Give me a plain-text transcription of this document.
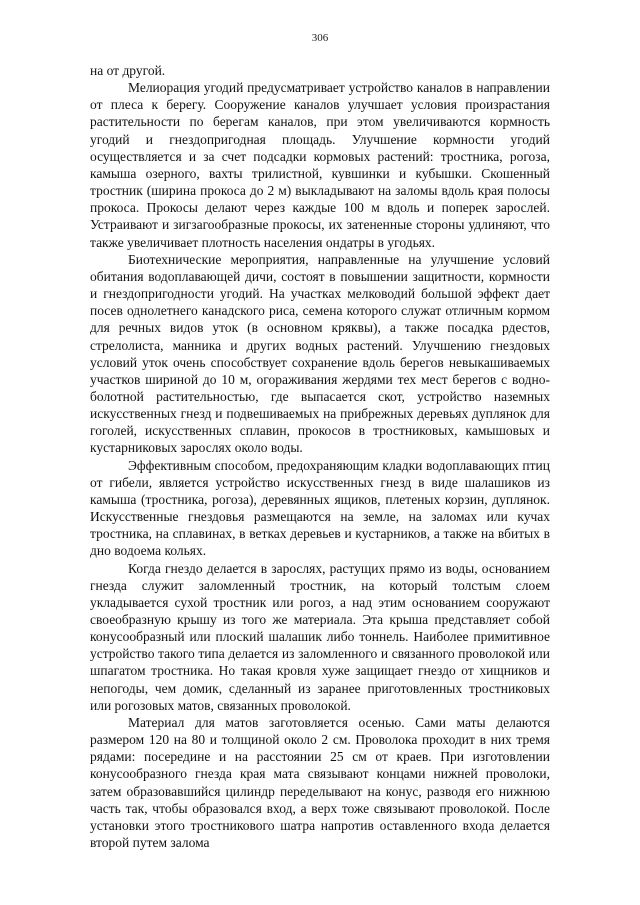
306

на от другой.

Мелиорация угодий предусматривает устройство каналов в направлении от плеса к берегу. Сооружение каналов улучшает условия произрастания растительности по берегам каналов, при этом увеличиваются кормность угодий и гнездопригодная площадь. Улучшение кормности угодий осуществляется и за счет подсадки кормовых растений: тростника, рогоза, камыша озерного, вахты трилистной, кувшинки и кубышки. Скошенный тростник (ширина прокоса до 2 м) выкладывают на заломы вдоль края полосы прокоса. Прокосы делают через каждые 100 м вдоль и поперек зарослей. Устраивают и зигзагообразные прокосы, их затененные стороны удлиняют, что также увеличивает плотность населения ондатры в угодьях.

Биотехнические мероприятия, направленные на улучшение условий обитания водоплавающей дичи, состоят в повышении защитности, кормности и гнездопригодности угодий. На участках мелководий большой эффект дает посев однолетнего канадского риса, семена которого служат отличным кормом для речных видов уток (в основном кряквы), а также посадка рдестов, стрелолиста, манника и других водных растений. Улучшению гнездовых условий уток очень способствует сохранение вдоль берегов невыкашиваемых участков шириной до 10 м, огораживания жердями тех мест берегов с водно-болотной растительностью, где выпасается скот, устройство наземных искусственных гнезд и подвешиваемых на прибрежных деревьях дуплянок для гоголей, искусственных сплавин, прокосов в тростниковых, камышовых и кустарниковых зарослях около воды.

Эффективным способом, предохраняющим кладки водоплавающих птиц от гибели, является устройство искусственных гнезд в виде шалашиков из камыша (тростника, рогоза), деревянных ящиков, плетеных корзин, дуплянок. Искусственные гнездовья размещаются на земле, на заломах или кучах тростника, на сплавинах, в ветках деревьев и кустарников, а также на вбитых в дно водоема кольях.

Когда гнездо делается в зарослях, растущих прямо из воды, основанием гнезда служит заломленный тростник, на который толстым слоем укладывается сухой тростник или рогоз, а над этим основанием сооружают своеобразную крышу из того же материала. Эта крыша представляет собой конусообразный или плоский шалашик либо тоннель. Наиболее примитивное устройство такого типа делается из заломленного и связанного проволокой или шпагатом тростника. Но такая кровля хуже защищает гнездо от хищников и непогоды, чем домик, сделанный из заранее приготовленных тростниковых или рогозовых матов, связанных проволокой.

Материал для матов заготовляется осенью. Сами маты делаются размером 120 на 80 и толщиной около 2 см. Проволока проходит в них тремя рядами: посередине и на расстоянии 25 см от краев. При изготовлении конусообразного гнезда края мата связывают концами нижней проволоки, затем образовавшийся цилиндр переделывают на конус, разводя его нижнюю часть так, чтобы образовался вход, а верх тоже связывают проволокой. После установки этого тростникового шатра напротив оставленного входа делается второй путем залома
